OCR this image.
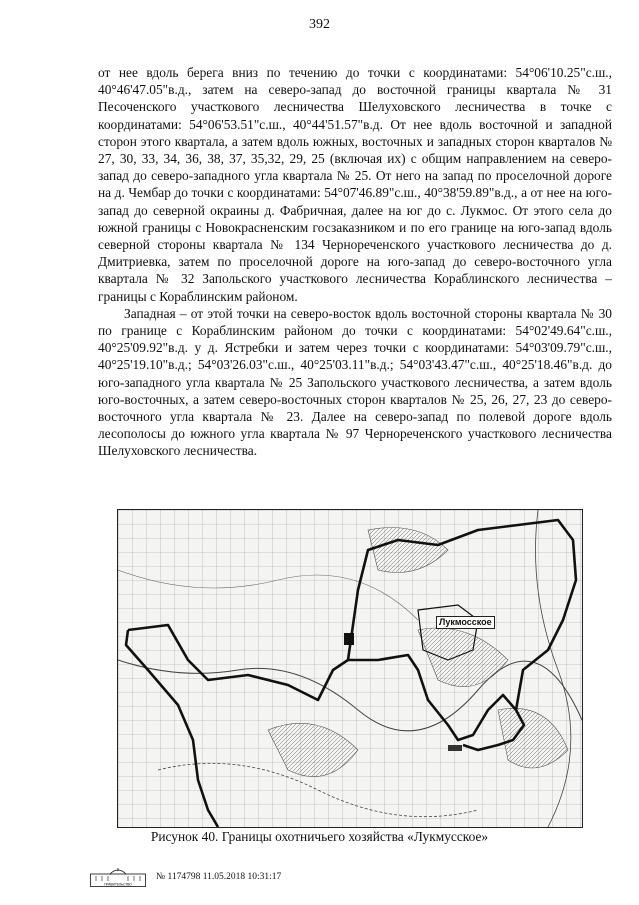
392

от нее вдоль берега вниз по течению до точки с координатами: 54°06'10.25"с.ш., 40°46'47.05"в.д., затем на северо-запад до восточной границы квартала № 31 Песоченского участкового лесничества Шелуховского лесничества в точке с координатами: 54°06'53.51"с.ш., 40°44'51.57"в.д. От нее вдоль восточной и западной сторон этого квартала, а затем вдоль южных, восточных и западных сторон кварталов № 27, 30, 33, 34, 36, 38, 37, 35,32, 29, 25 (включая их) с общим направлением на северо-запад до северо-западного угла квартала № 25. От него на запад по проселочной дороге на д. Чембар до точки с координатами: 54°07'46.89"с.ш., 40°38'59.89"в.д., а от нее на юго-запад до северной окраины д. Фабричная, далее на юг до с. Лукмос. От этого села до южной границы с Новокрасненским госзаказником и по его границе на юго-запад вдоль северной стороны квартала № 134 Чернореченского участкового лесничества до д. Дмитриевка, затем по проселочной дороге на юго-запад до северо-восточного угла квартала № 32 Запольского участкового лесничества Кораблинского лесничества – границы с Кораблинским районом.

Западная – от этой точки на северо-восток вдоль восточной стороны квартала № 30 по границе с Кораблинским районом до точки с координатами: 54°02'49.64"с.ш., 40°25'09.92"в.д. у д. Ястребки и затем через точки с координатами: 54°03'09.79"с.ш., 40°25'19.10"в.д.; 54°03'26.03"с.ш., 40°25'03.11"в.д.; 54°03'43.47"с.ш., 40°25'18.46"в.д. до юго-западного угла квартала № 25 Запольского участкового лесничества, а затем вдоль юго-восточных, а затем северо-восточных сторон кварталов № 25, 26, 27, 23 до северо-восточного угла квартала № 23. Далее на северо-запад по полевой дороге вдоль лесополосы до южного угла квартала № 97 Чернореченского участкового лесничества Шелуховского лесничества.

Лукмосское
Рисунок 40. Границы охотничьего хозяйства «Лукмусское»
ПРАВИТЕЛЬСТВО
№ 1174798 11.05.2018 10:31:17
